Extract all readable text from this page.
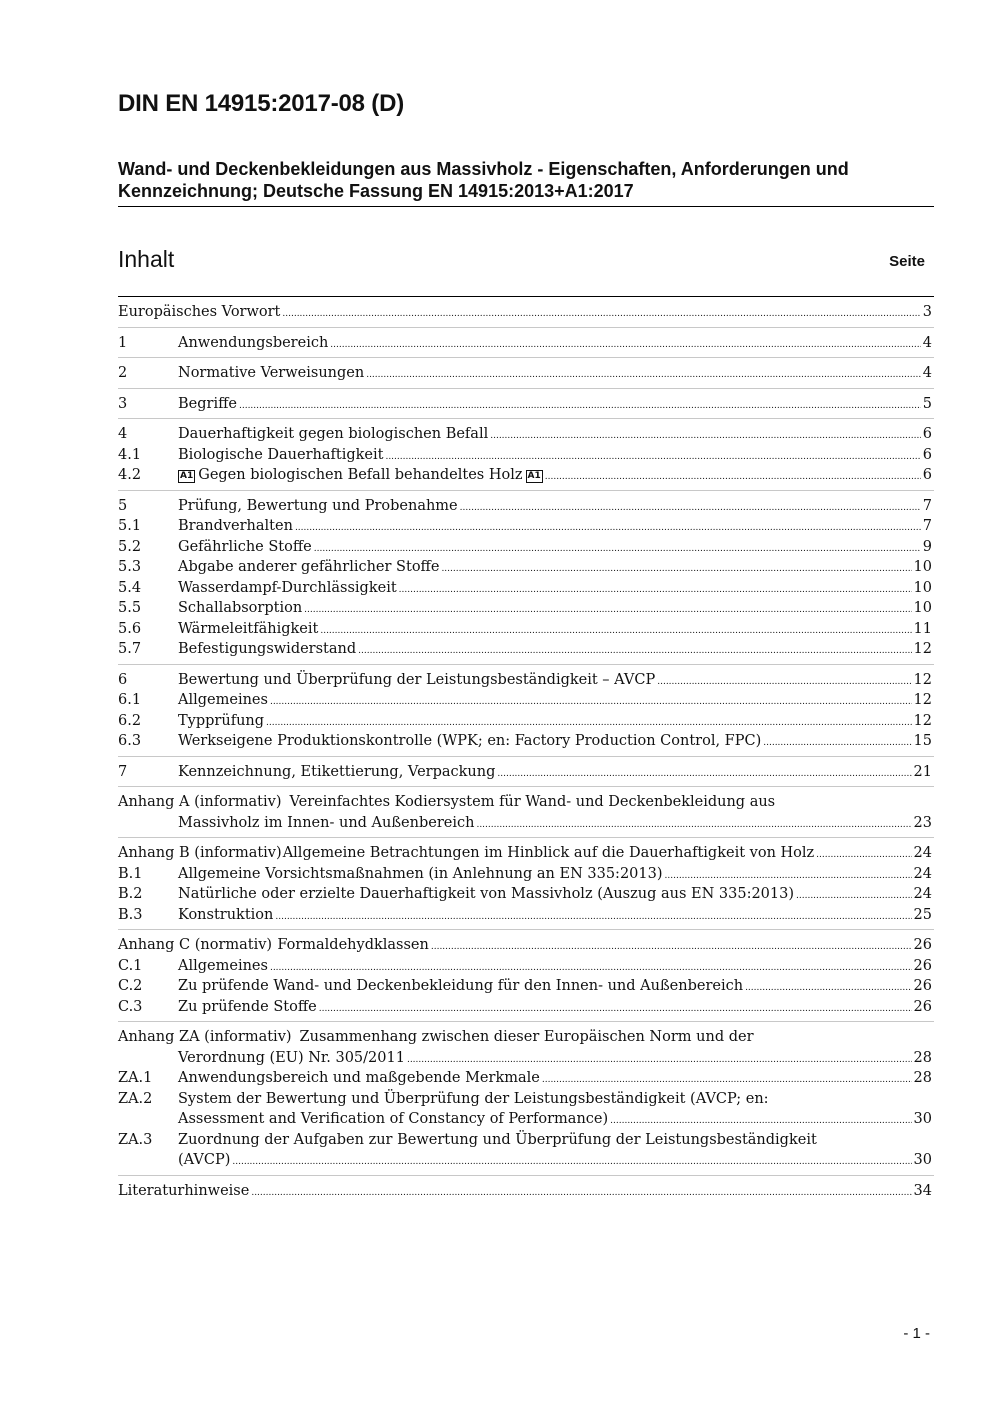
DIN EN 14915:2017-08 (D)
Wand- und Deckenbekleidungen aus Massivholz - Eigenschaften, Anforderungen und Kennzeichnung; Deutsche Fassung EN 14915:2013+A1:2017
Inhalt	Seite
Europäisches Vorwort .....	3
1	Anwendungsbereich .....	4
2	Normative Verweisungen .....	4
3	Begriffe .....	5
4	Dauerhaftigkeit gegen biologischen Befall .....	6
4.1	Biologische Dauerhaftigkeit .....	6
4.2	A1 Gegen biologischen Befall behandeltes Holz A1 .....	6
5	Prüfung, Bewertung und Probenahme .....	7
5.1	Brandverhalten .....	7
5.2	Gefährliche Stoffe .....	9
5.3	Abgabe anderer gefährlicher Stoffe .....	10
5.4	Wasserdampf-Durchlässigkeit .....	10
5.5	Schallabsorption .....	10
5.6	Wärmeleitfähigkeit .....	11
5.7	Befestigungswiderstand .....	12
6	Bewertung und Überprüfung der Leistungsbeständigkeit – AVCP .....	12
6.1	Allgemeines .....	12
6.2	Typprüfung .....	12
6.3	Werkseigene Produktionskontrolle (WPK; en: Factory Production Control, FPC) .....	15
7	Kennzeichnung, Etikettierung, Verpackung .....	21
Anhang A (informativ) Vereinfachtes Kodiersystem für Wand- und Deckenbekleidung aus
Massivholz im Innen- und Außenbereich .....	23
Anhang B (informativ) Allgemeine Betrachtungen im Hinblick auf die Dauerhaftigkeit von Holz .....	24
B.1	Allgemeine Vorsichtsmaßnahmen (in Anlehnung an EN 335:2013) .....	24
B.2	Natürliche oder erzielte Dauerhaftigkeit von Massivholz (Auszug aus EN 335:2013) .....	24
B.3	Konstruktion .....	25
Anhang C (normativ) Formaldehydklassen .....	26
C.1	Allgemeines .....	26
C.2	Zu prüfende Wand- und Deckenbekleidung für den Innen- und Außenbereich .....	26
C.3	Zu prüfende Stoffe .....	26
Anhang ZA (informativ) Zusammenhang zwischen dieser Europäischen Norm und der
Verordnung (EU) Nr. 305/2011 .....	28
ZA.1	Anwendungsbereich und maßgebende Merkmale .....	28
ZA.2	System der Bewertung und Überprüfung der Leistungsbeständigkeit (AVCP; en:
Assessment and Verification of Constancy of Performance) .....	30
ZA.3	Zuordnung der Aufgaben zur Bewertung und Überprüfung der Leistungsbeständigkeit
(AVCP) .....	30
Literaturhinweise .....	34
- 1 -
